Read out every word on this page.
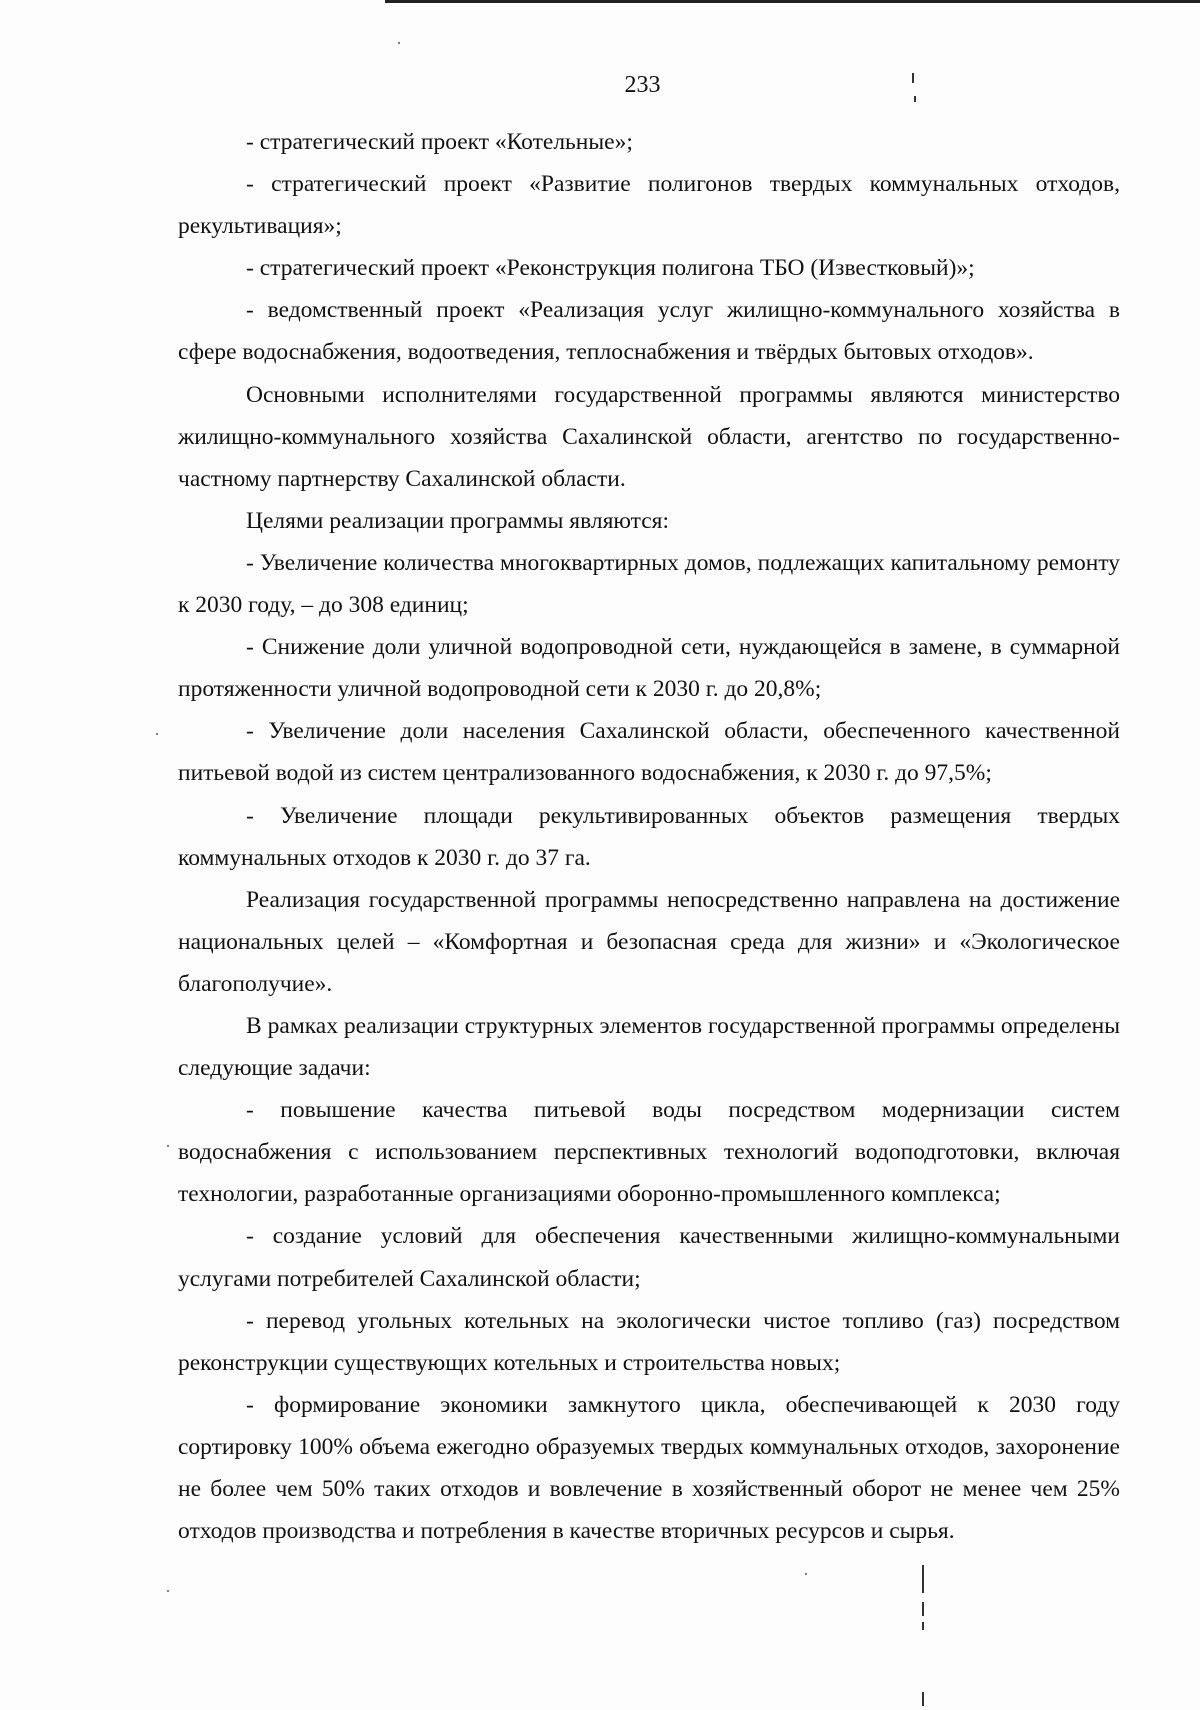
233

- стратегический проект «Котельные»;

- стратегический проект «Развитие полигонов твердых коммунальных отходов, рекультивация»;

- стратегический проект «Реконструкция полигона ТБО (Известковый)»;

- ведомственный проект «Реализация услуг жилищно-коммунального хозяйства в сфере водоснабжения, водоотведения, теплоснабжения и твёрдых бытовых отходов».

Основными исполнителями государственной программы являются министерство жилищно-коммунального хозяйства Сахалинской области, агентство по государственно-частному партнерству Сахалинской области.

Целями реализации программы являются:

- Увеличение количества многоквартирных домов, подлежащих капитальному ремонту к 2030 году, – до 308 единиц;

- Снижение доли уличной водопроводной сети, нуждающейся в замене, в суммарной протяженности уличной водопроводной сети к 2030 г. до 20,8%;

- Увеличение доли населения Сахалинской области, обеспеченного качественной питьевой водой из систем централизованного водоснабжения, к 2030 г. до 97,5%;

- Увеличение площади рекультивированных объектов размещения твердых коммунальных отходов к 2030 г. до 37 га.

Реализация государственной программы непосредственно направлена на достижение национальных целей – «Комфортная и безопасная среда для жизни» и «Экологическое благополучие».

В рамках реализации структурных элементов государственной программы определены следующие задачи:

- повышение качества питьевой воды посредством модернизации систем водоснабжения с использованием перспективных технологий водоподготовки, включая технологии, разработанные организациями оборонно-промышленного комплекса;

- создание условий для обеспечения качественными жилищно-коммунальными услугами потребителей Сахалинской области;

- перевод угольных котельных на экологически чистое топливо (газ) посредством реконструкции существующих котельных и строительства новых;

- формирование экономики замкнутого цикла, обеспечивающей к 2030 году сортировку 100% объема ежегодно образуемых твердых коммунальных отходов, захоронение не более чем 50% таких отходов и вовлечение в хозяйственный оборот не менее чем 25% отходов производства и потребления в качестве вторичных ресурсов и сырья.
